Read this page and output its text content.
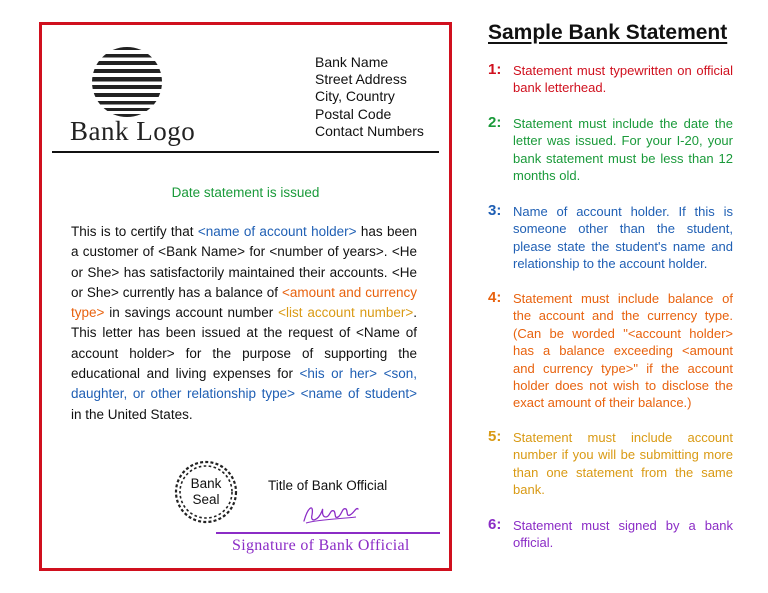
Bank Logo
Bank Name
Street Address
City, Country
Postal Code
Contact Numbers
Date statement is issued
This is to certify that <name of account holder> has been a customer of <Bank Name> for <number of years>. <He or She> has satisfactorily maintained their accounts. <He or She> currently has a balance of <amount and currency type> in savings account number <list account number>. This letter has been issued at the request of <Name of account holder> for the purpose of supporting the educational and living expenses for <his or her> <son, daughter, or other relationship type> <name of student> in the United States.
Bank
Seal
Title of Bank Official
Signature of Bank Official
Sample Bank Statement
1: Statement must typewritten on official bank letterhead.
2: Statement must include the date the letter was issued. For your I-20, your bank statement must be less than 12 months old.
3: Name of account holder. If this is someone other than the student, please state the student's name and relationship to the account holder.
4: Statement must include balance of the account and the currency type. (Can be worded "<account holder> has a balance exceeding <amount and currency type>" if the account holder does not wish to disclose the exact amount of their balance.)
5: Statement must include account number if you will be submitting more than one statement from the same bank.
6: Statement must signed by a bank official.
